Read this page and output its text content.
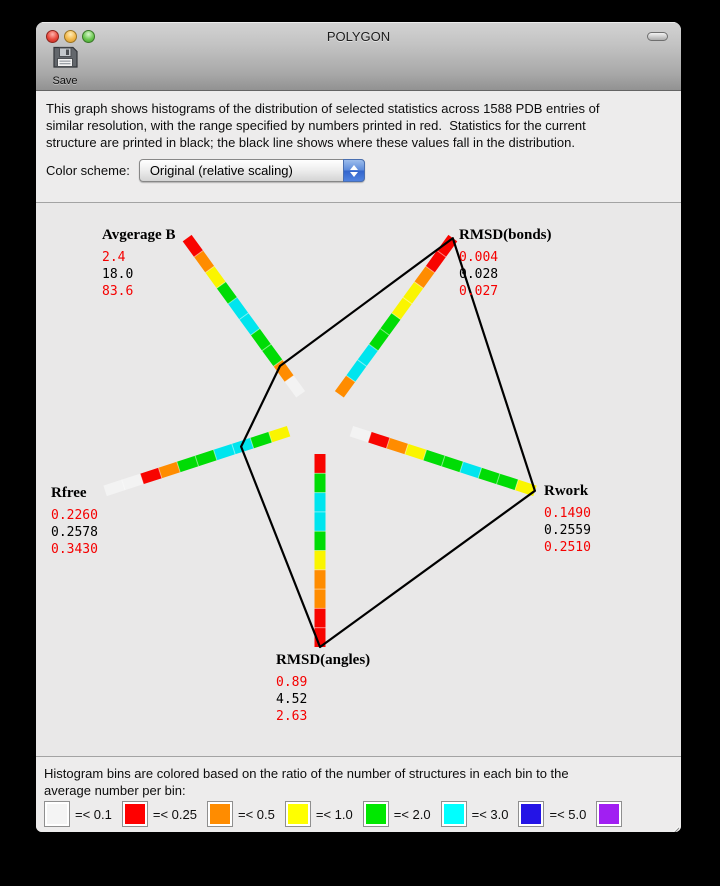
POLYGON
Save
This graph shows histograms of the distribution of selected statistics across 1588 PDB entries of
similar resolution, with the range specified by numbers printed in red.  Statistics for the current
structure are printed in black; the black line shows where these values fall in the distribution.
Color scheme: Original (relative scaling)
Avgerage B
2.4
18.0
83.6
RMSD(bonds)
0.004
0.028
0.027
Rwork
0.1490
0.2559
0.2510
RMSD(angles)
0.89
4.52
2.63
Rfree
0.2260
0.2578
0.3430
Histogram bins are colored based on the ratio of the number of structures in each bin to the
average number per bin:
=< 0.1	=< 0.25	=< 0.5	=< 1.0	=< 2.0	=< 3.0	=< 5.0
